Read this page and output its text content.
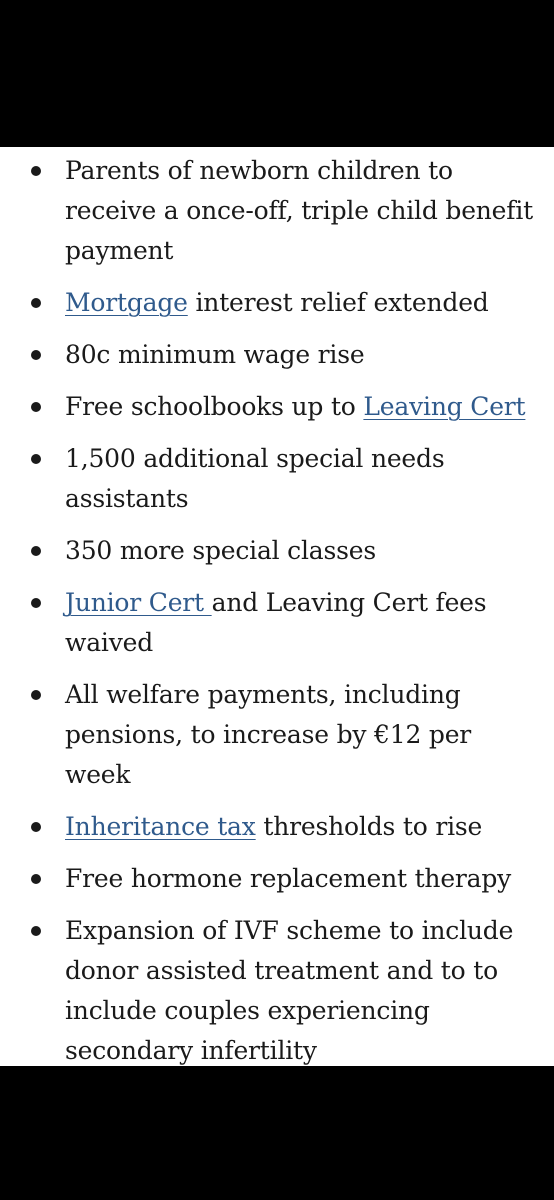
Parents of newborn children to receive a once-off, triple child benefit payment
Mortgage interest relief extended
80c minimum wage rise
Free schoolbooks up to Leaving Cert
1,500 additional special needs assistants
350 more special classes
Junior Cert and Leaving Cert fees waived
All welfare payments, including pensions, to increase by €12 per week
Inheritance tax thresholds to rise
Free hormone replacement therapy
Expansion of IVF scheme to include donor assisted treatment and to to include couples experiencing secondary infertility
